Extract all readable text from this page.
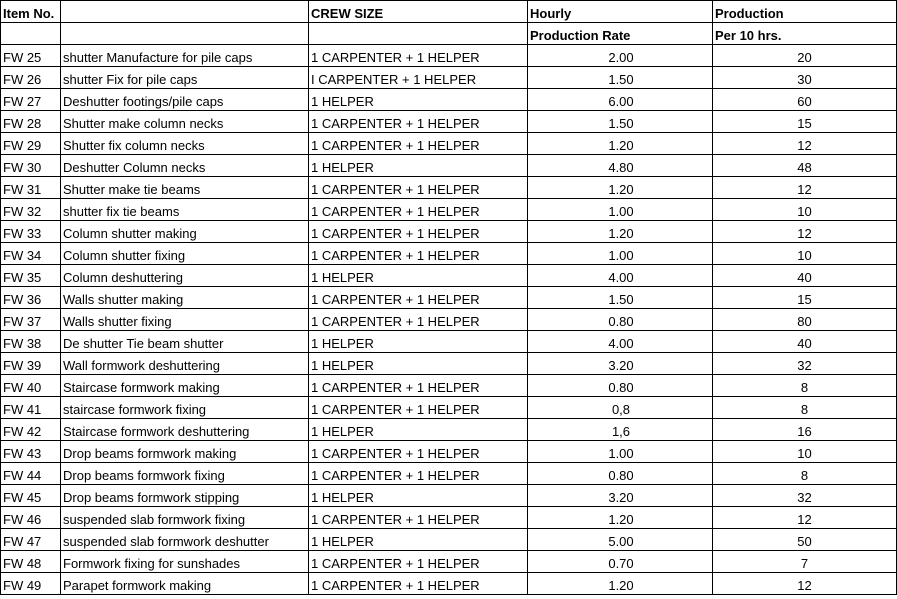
Item No.		CREW SIZE	Hourly	Production
			Production Rate	Per 10 hrs.
FW 25	shutter Manufacture for pile caps	1 CARPENTER + 1 HELPER	2.00	20
FW 26	shutter Fix for pile caps	I CARPENTER + 1 HELPER	1.50	30
FW 27	Deshutter footings/pile caps	1 HELPER	6.00	60
FW 28	Shutter make column necks	1 CARPENTER + 1 HELPER	1.50	15
FW 29	Shutter fix column necks	1 CARPENTER + 1 HELPER	1.20	12
FW 30	Deshutter Column necks	1 HELPER	4.80	48
FW 31	Shutter make tie beams	1 CARPENTER + 1 HELPER	1.20	12
FW 32	shutter fix tie beams	1 CARPENTER + 1 HELPER	1.00	10
FW 33	Column shutter making	1 CARPENTER + 1 HELPER	1.20	12
FW 34	Column shutter fixing	1 CARPENTER + 1 HELPER	1.00	10
FW 35	Column deshuttering	1 HELPER	4.00	40
FW 36	Walls shutter making	1 CARPENTER + 1 HELPER	1.50	15
FW 37	Walls shutter fixing	1 CARPENTER + 1 HELPER	0.80	80
FW 38	De shutter Tie beam shutter	1 HELPER	4.00	40
FW 39	Wall formwork deshuttering	1 HELPER	3.20	32
FW 40	Staircase formwork making	1 CARPENTER + 1 HELPER	0.80	8
FW 41	staircase formwork fixing	1 CARPENTER + 1 HELPER	0,8	8
FW 42	Staircase formwork deshuttering	1 HELPER	1,6	16
FW 43	Drop beams formwork making	1 CARPENTER + 1 HELPER	1.00	10
FW 44	Drop beams formwork fixing	1 CARPENTER + 1 HELPER	0.80	8
FW 45	Drop beams formwork stipping	1 HELPER	3.20	32
FW 46	suspended slab formwork fixing	1 CARPENTER + 1 HELPER	1.20	12
FW 47	suspended slab formwork deshutter	1 HELPER	5.00	50
FW 48	Formwork fixing for sunshades	1 CARPENTER + 1 HELPER	0.70	7
FW 49	Parapet formwork making	1 CARPENTER + 1 HELPER	1.20	12
